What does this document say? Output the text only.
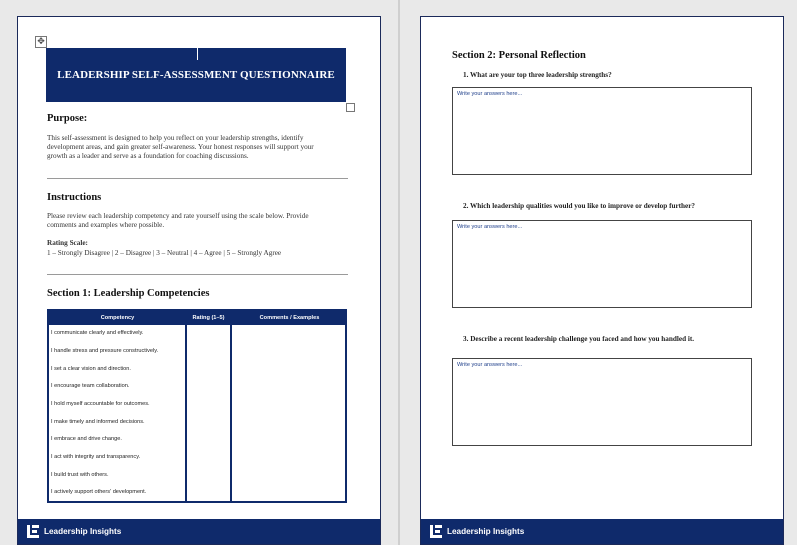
✥
LEADERSHIP SELF-ASSESSMENT QUESTIONNAIRE
Purpose:
This self-assessment is designed to help you reflect on your leadership strengths, identify
development areas, and gain greater self-awareness. Your honest responses will support your
growth as a leader and serve as a foundation for coaching discussions.
Instructions
Please review each leadership competency and rate yourself using the scale below. Provide
comments and examples where possible.
Rating Scale:
1 – Strongly Disagree | 2 – Disagree | 3 – Neutral | 4 – Agree | 5 – Strongly Agree
Section 1: Leadership Competencies
Competency	Rating (1–5)	Comments / Examples
I communicate clearly and effectively.
I handle stress and pressure constructively.
I set a clear vision and direction.
I encourage team collaboration.
I hold myself accountable for outcomes.
I make timely and informed decisions.
I embrace and drive change.
I act with integrity and transparency.
I build trust with others.
I actively support others' development.
Leadership Insights
Section 2: Personal Reflection
1. What are your top three leadership strengths?
Write your answers here...
2. Which leadership qualities would you like to improve or develop further?
Write your answers here...
3. Describe a recent leadership challenge you faced and how you handled it.
Write your answers here...
Leadership Insights
